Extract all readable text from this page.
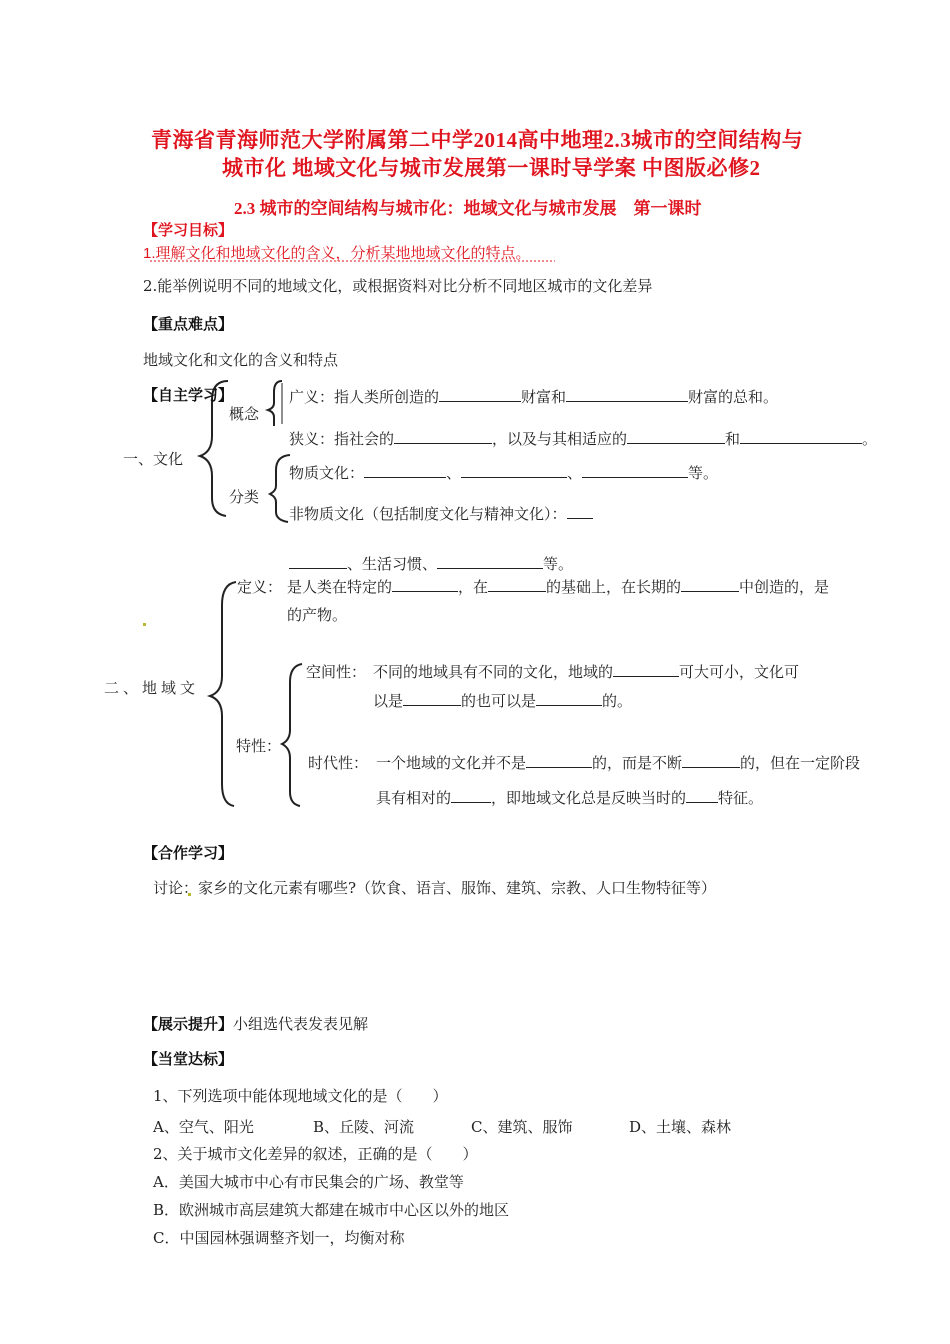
青海省青海师范大学附属第二中学2014高中地理2.3城市的空间结构与
城市化 地域文化与城市发展第一课时导学案 中图版必修2
2.3 城市的空间结构与城市化：地域文化与城市发展　第一课时
【学习目标】
1.理解文化和地域文化的含义，分析某地地域文化的特点。
2.能举例说明不同的地域文化，或根据资料对比分析不同地区城市的文化差异
【重点难点】
地域文化和文化的含义和特点
【自主学习】
一、文化
概念
广义：指人类所创造的	财富和	财富的总和。
狭义：指社会的	，以及与其相适应的	和	。
分类
物质文化：	、	、	等。
非物质文化（包括制度文化与精神文化）：
、生活习惯、	等。
二、地域文
定义： 是人类在特定的	，在	的基础上，在长期的	中创造的，是
的产物。
特性：
空间性： 不同的地域具有不同的文化，地域的	可大可小，文化可
以是	的也可以是	的。
时代性： 一个地域的文化并不是	的，而是不断	的，但在一定阶段
具有相对的	，即地域文化总是反映当时的 特征。
【合作学习】
讨论：家乡的文化元素有哪些?（饮食、语言、服饰、建筑、宗教、人口生物特征等）
【展示提升】小组选代表发表见解
【当堂达标】
1、下列选项中能体现地域文化的是（　　）
A、空气、阳光	B、丘陵、河流	C、建筑、服饰	D、土壤、森林
2、关于城市文化差异的叙述，正确的是（　　）
A．美国大城市中心有市民集会的广场、教堂等
B．欧洲城市高层建筑大都建在城市中心区以外的地区
C．中国园林强调整齐划一，均衡对称
